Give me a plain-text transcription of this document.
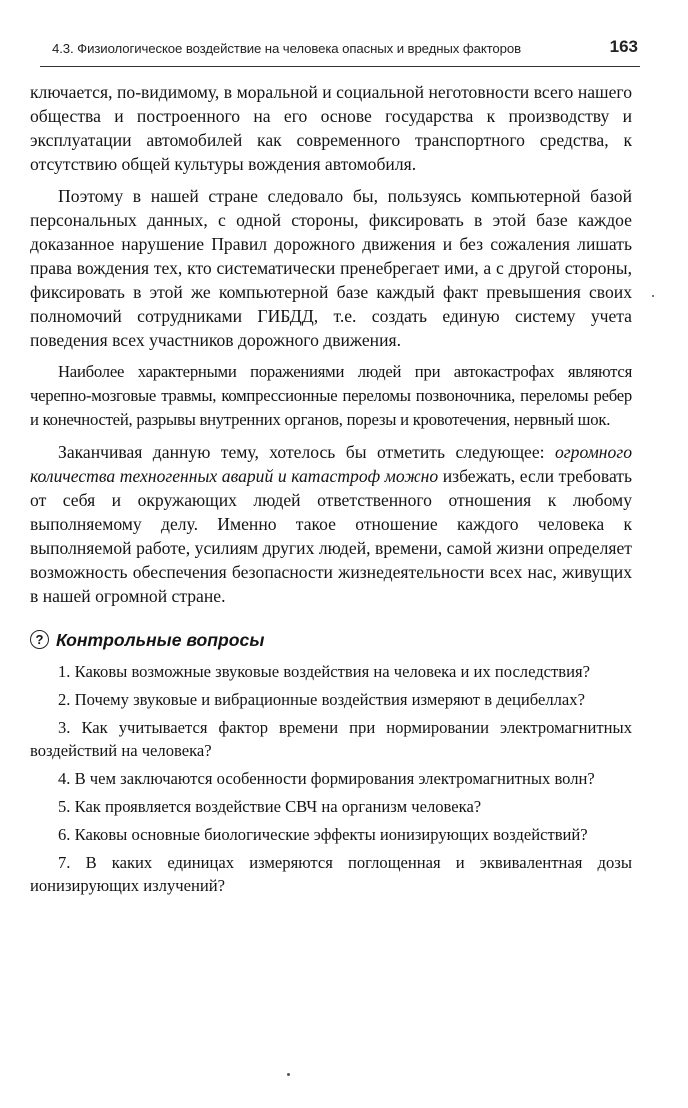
4.3. Физиологическое воздействие на человека опасных и вредных факторов	163

ключается, по-видимому, в моральной и социальной неготовности всего нашего общества и построенного на его основе государства к производству и эксплуатации автомобилей как современного транспортного средства, к отсутствию общей культуры вождения автомобиля.

Поэтому в нашей стране следовало бы, пользуясь компьютерной базой персональных данных, с одной стороны, фиксировать в этой базе каждое доказанное нарушение Правил дорожного движения и без сожаления лишать права вождения тех, кто систематически пренебрегает ими, а с другой стороны, фиксировать в этой же компьютерной базе каждый факт превышения своих полномочий сотрудниками ГИБДД, т.е. создать единую систему учета поведения всех участников дорожного движения.

Наиболее характерными поражениями людей при автокастрофах являются черепно-мозговые травмы, компрессионные переломы позвоночника, переломы ребер и конечностей, разрывы внутренних органов, порезы и кровотечения, нервный шок.

Заканчивая данную тему, хотелось бы отметить следующее: огромного количества техногенных аварий и катастроф можно избежать, если требовать от себя и окружающих людей ответственного отношения к любому выполняемому делу. Именно такое отношение каждого человека к выполняемой работе, усилиям других людей, времени, самой жизни определяет возможность обеспечения безопасности жизнедеятельности всех нас, живущих в нашей огромной стране.

? Контрольные вопросы
1. Каковы возможные звуковые воздействия на человека и их последствия?
2. Почему звуковые и вибрационные воздействия измеряют в децибеллах?
3. Как учитывается фактор времени при нормировании электромагнитных воздействий на человека?
4. В чем заключаются особенности формирования электромагнитных волн?
5. Как проявляется воздействие СВЧ на организм человека?
6. Каковы основные биологические эффекты ионизирующих воздействий?
7. В каких единицах измеряются поглощенная и эквивалентная дозы ионизирующих излучений?
